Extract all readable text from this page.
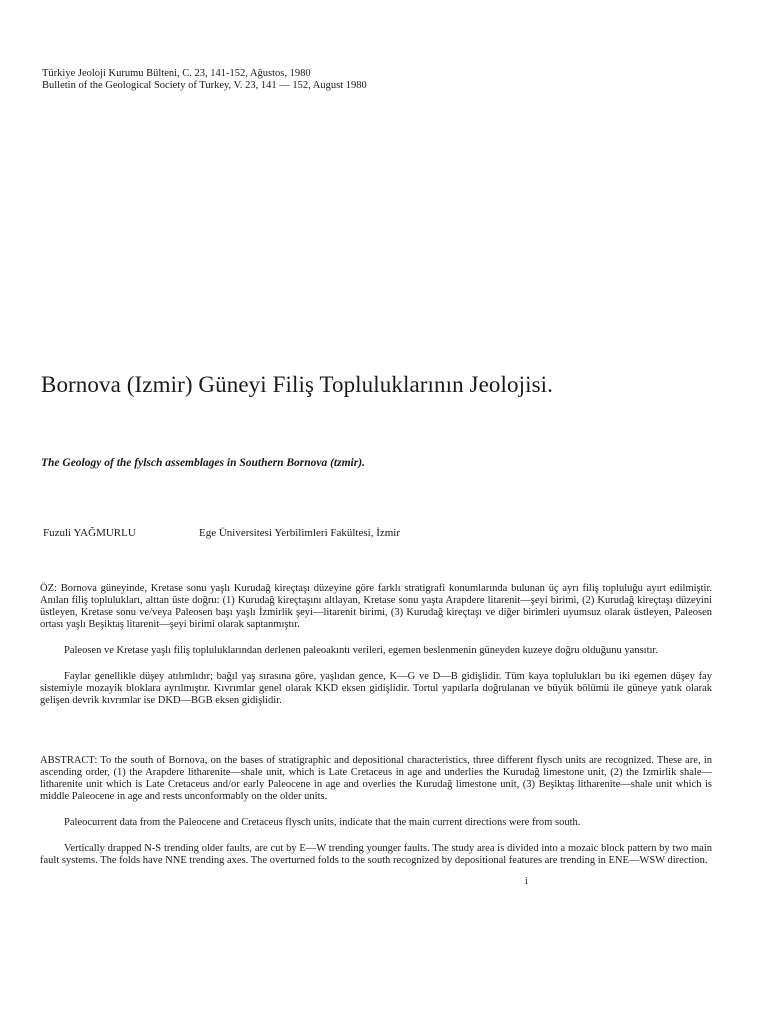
Türkiye Jeoloji Kurumu Bülteni, C. 23, 141-152, Ağustos, 1980
Bulletin of the Geological Society of Turkey, V. 23, 141 — 152, August 1980
Bornova (Izmir) Güneyi Filiş Topluluklarının Jeolojisi.
The Geology of the fylsch assemblages in Southern Bornova (tzmir).
Fuzuli YAĞMURLU	Ege Üniversitesi Yerbilimleri Fakültesi, İzmir

ÖZ: Bornova güneyinde, Kretase sonu yaşlı Kurudağ kireçtaşı düzeyine göre farklı stratigrafi konumlarında bulunan üç ayrı filiş topluluğu ayırt edilmiştir. Anılan filiş toplulukları, alttan üste doğru: (1) Kurudağ kireçtaşını altlayan, Kretase sonu yaşta Arapdere litarenit—şeyi birimi, (2) Kurudağ kireçtaşı düzeyini üstleyen, Kretase sonu ve/veya Paleosen başı yaşlı İzmirlik şeyi—litarenit birimi, (3) Kurudağ kireçtaşı ve diğer birimleri uyumsuz olarak üstleyen, Paleosen ortası yaşlı Beşiktaş litarenit—şeyi birimi olarak saptanmıştır.

Paleosen ve Kretase yaşlı filiş topluluklarından derlenen paleoakıntı verileri, egemen beslenmenin güneyden kuzeye doğru olduğunu yansıtır.

Faylar genellikle düşey atılımlıdır; bağıl yaş sırasına göre, yaşlıdan gence, K—G ve D—B gidişlidir. Tüm kaya toplulukları bu iki egemen düşey fay sistemiyle mozayik bloklara ayrılmıştır. Kıvrımlar genel olarak KKD eksen gidişlidir. Tortul yapılarla doğrulanan ve büyük bölümü ile güneye yatık olarak gelişen devrik kıvrımlar ise DKD—BGB eksen gidişlidir.

ABSTRACT: To the south of Bornova, on the bases of stratigraphic and depositional characteristics, three different flysch units are recognized. These are, in ascending order, (1) the Arapdere litharenite—shale unit, which is Late Cretaceus in age and underlies the Kurudağ limestone unit, (2) the Izmirlik shale—litharenite unit which is Late Cretaceus and/or early Paleocene in age and overlies the Kurudağ limestone unit, (3) Beşiktaş litharenite—shale unit which is middle Paleocene in age and rests unconformably on the older units.

Paleocurrent data from the Paleocene and Cretaceus flysch units, indicate that the main current directions were from south.

Vertically drapped N-S trending older faults, are cut by E—W trending younger faults. The study area is divided into a mozaic block pattern by two main fault systems. The folds have NNE trending axes. The overturned folds to the south recognized by depositional features are trending in ENE—WSW direction.

i
